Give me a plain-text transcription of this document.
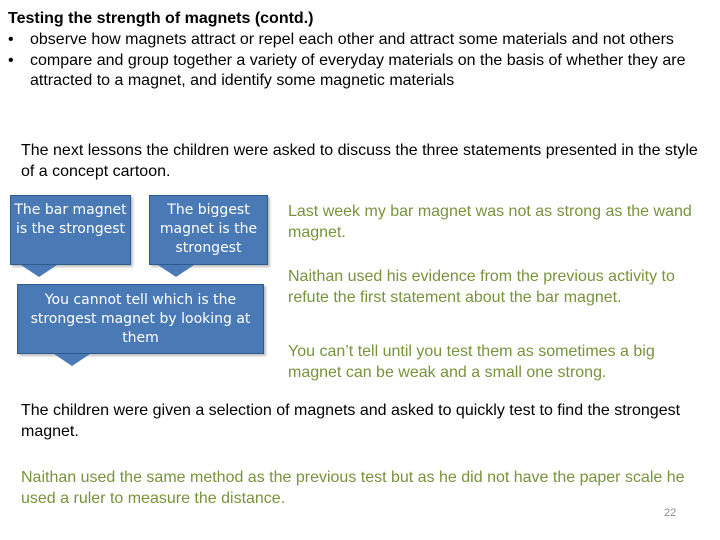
Testing the strength of magnets (contd.)
•	observe how magnets attract or repel each other and attract some materials and not others
•	compare and group together a variety of everyday materials on the basis of whether they are attracted to a magnet, and identify some magnetic materials
The next lessons the children were asked to discuss the three statements presented in the style of a concept cartoon.
The bar magnet is the strongest
The biggest magnet is the strongest
You cannot tell which is the strongest magnet by looking at them
Last week my bar magnet was not as strong as the wand magnet.
Naithan used his evidence from the previous activity to refute the first statement about the bar magnet.
You can’t tell until you test them as sometimes a big magnet can be weak and a small one strong.
The children were given a selection of magnets and asked to quickly test to find the strongest magnet.
Naithan used the same method as the previous test but as he did not have the paper scale he used a ruler to measure the distance.
22
